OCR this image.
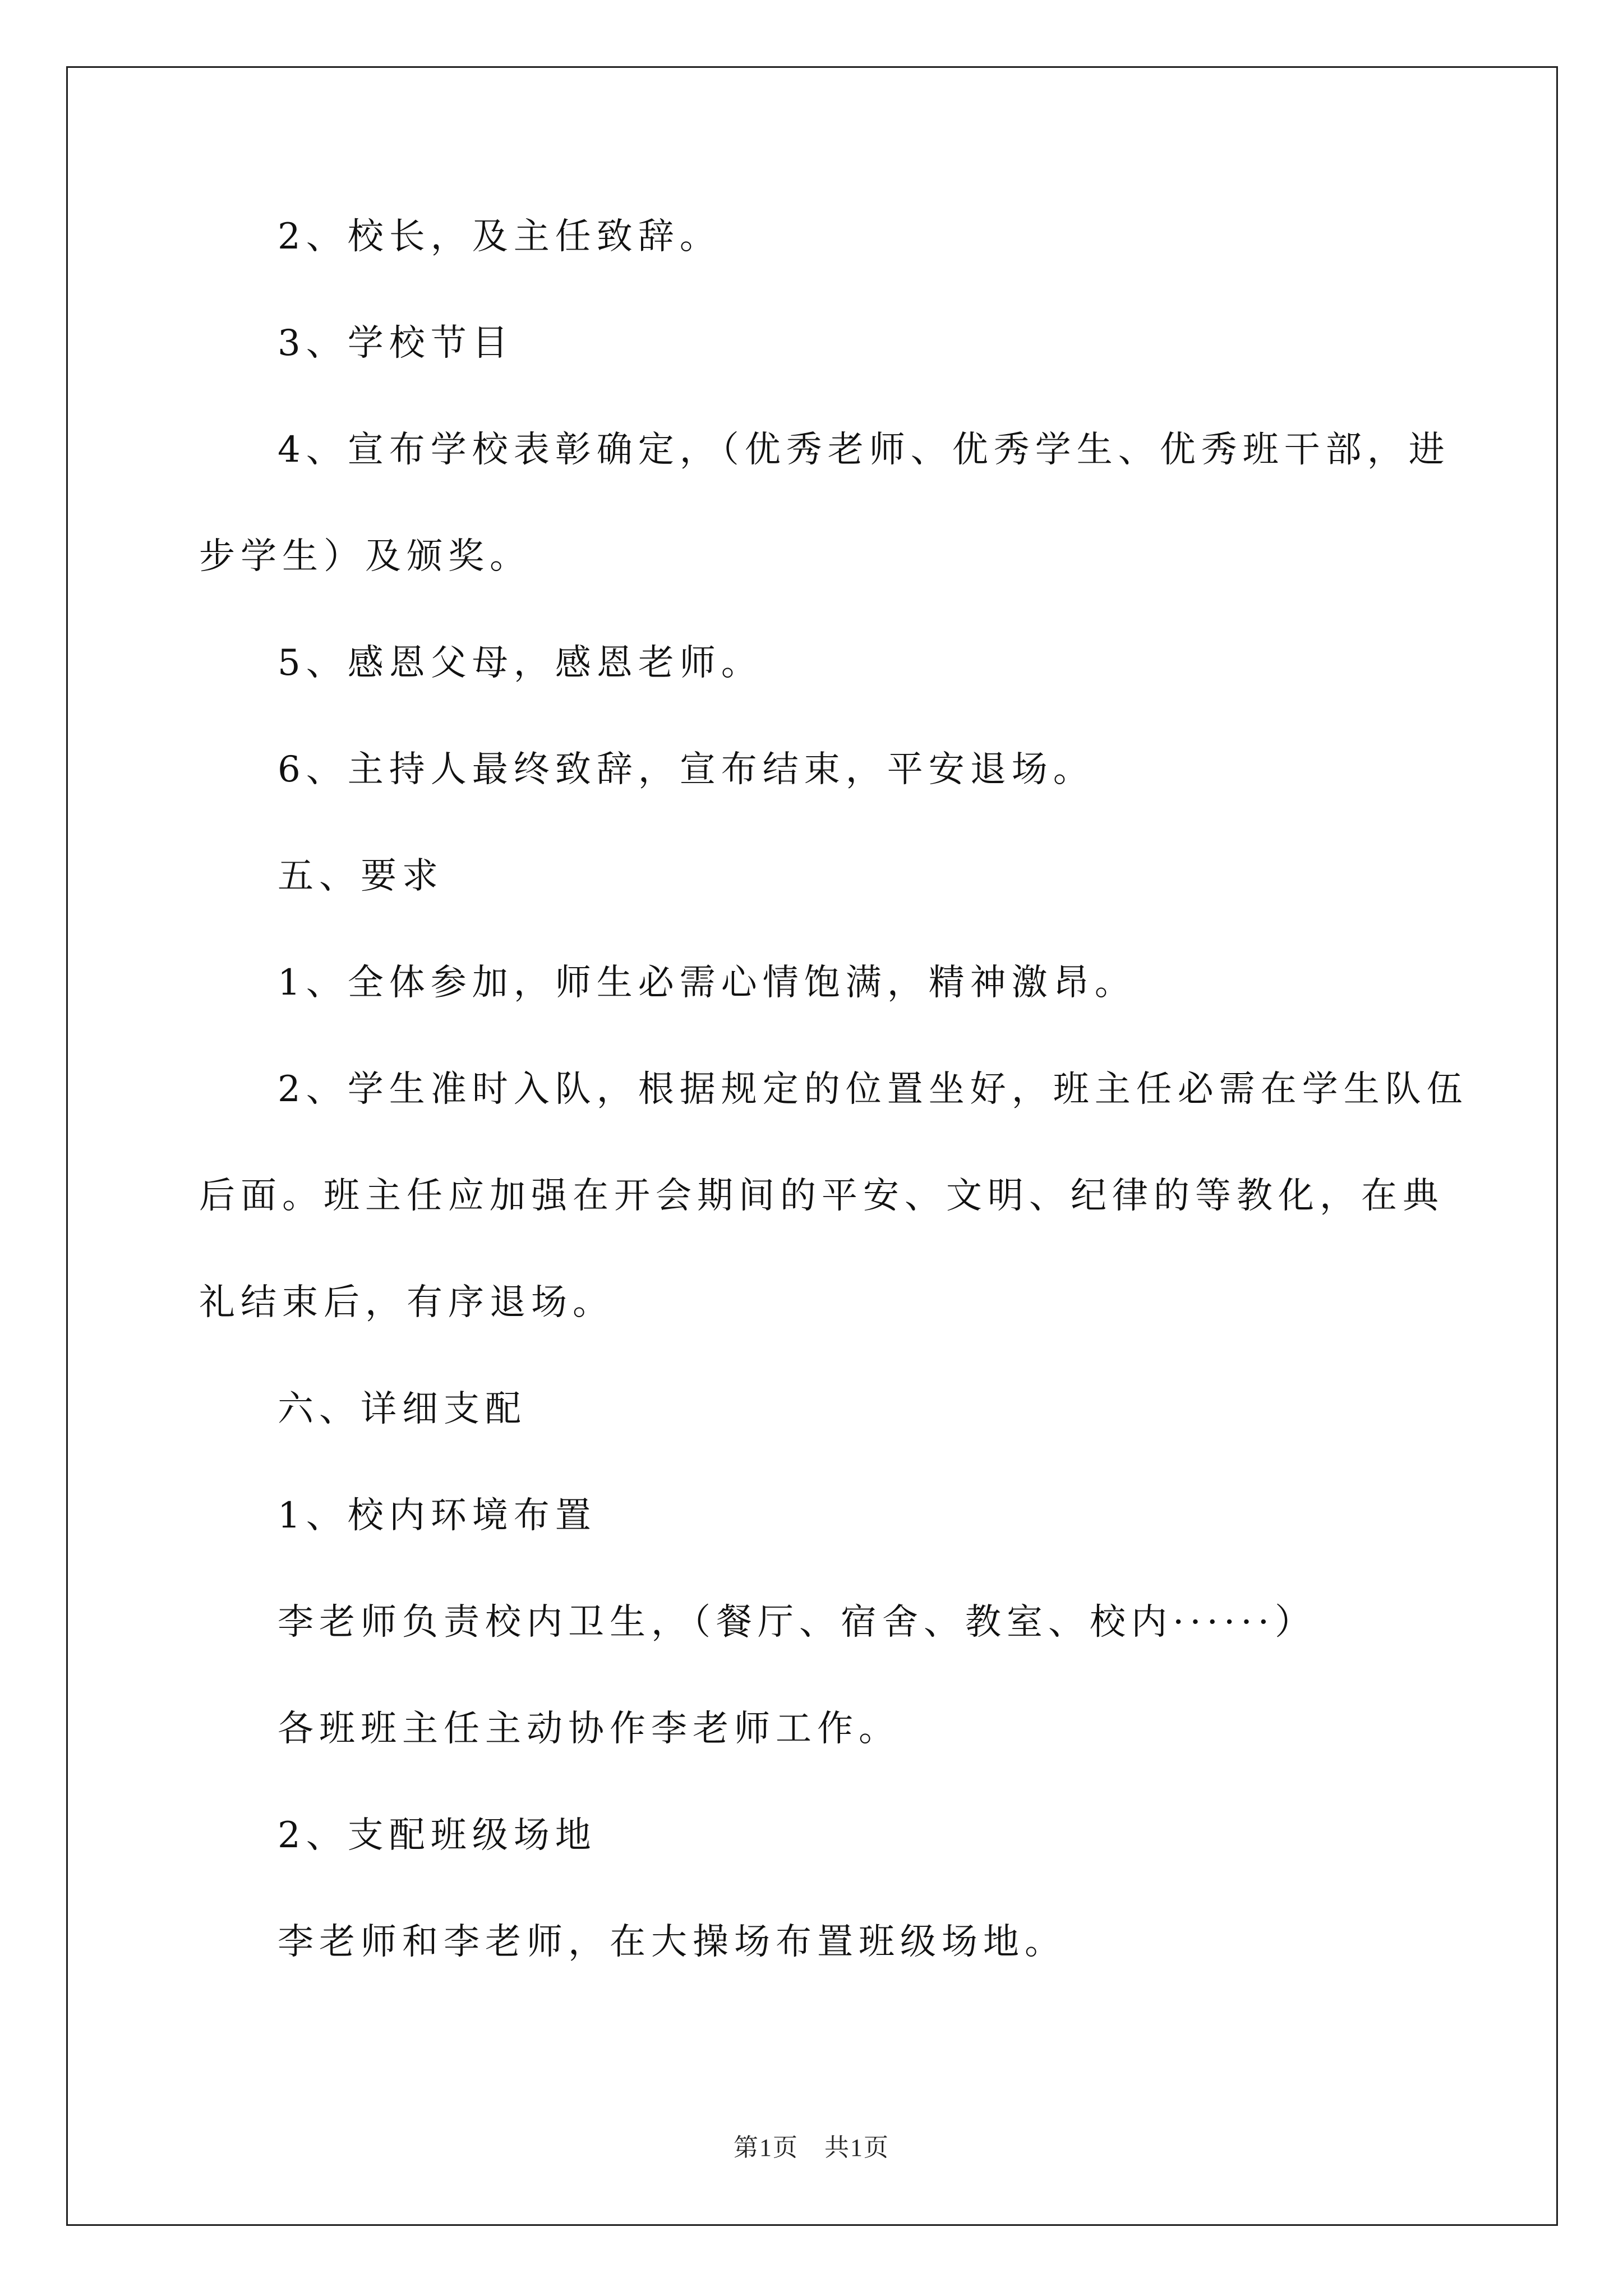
2、校长，及主任致辞。
3、学校节目
4、宣布学校表彰确定，（优秀老师、优秀学生、优秀班干部，进
步学生）及颁奖。
5、感恩父母，感恩老师。
6、主持人最终致辞，宣布结束，平安退场。
五、要求
1、全体参加，师生必需心情饱满，精神激昂。
2、学生准时入队，根据规定的位置坐好，班主任必需在学生队伍
后面。班主任应加强在开会期间的平安、文明、纪律的等教化，在典
礼结束后，有序退场。
六、详细支配
1、校内环境布置
李老师负责校内卫生，（餐厅、宿舍、教室、校内······）
各班班主任主动协作李老师工作。
2、支配班级场地
李老师和李老师，在大操场布置班级场地。
第1页　共1页
